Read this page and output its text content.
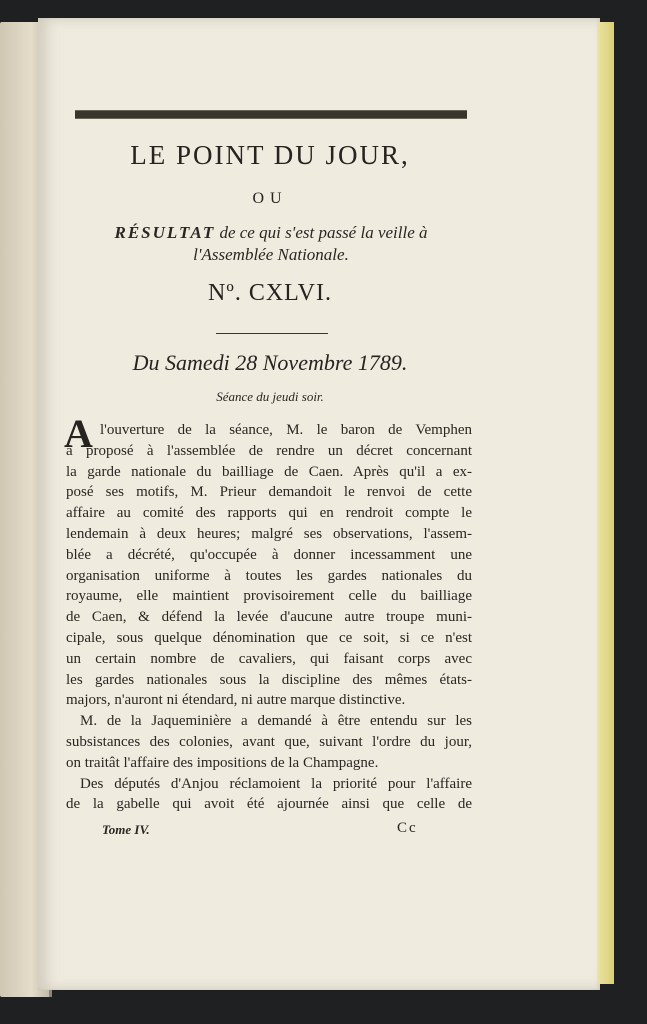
LE POINT DU JOUR,
OU
RÉSULTAT de ce qui s'est passé la veille à
l'Assemblée Nationale.
Nº. CXLVI.
Du Samedi 28 Novembre 1789.
Séance du jeudi soir.
A l'ouverture de la séance, M. le baron de Vemphen
a proposé à l'assemblée de rendre un décret concernant
la garde nationale du bailliage de Caen. Après qu'il a ex-
posé ses motifs, M. Prieur demandoit le renvoi de cette
affaire au comité des rapports qui en rendroit compte le
lendemain à deux heures; malgré ses observations, l'assem-
blée a décrété, qu'occupée à donner incessamment une
organisation uniforme à toutes les gardes nationales du
royaume, elle maintient provisoirement celle du bailliage
de Caen, & défend la levée d'aucune autre troupe muni-
cipale, sous quelque dénomination que ce soit, si ce n'est
un certain nombre de cavaliers, qui faisant corps avec
les gardes nationales sous la discipline des mêmes états-
majors, n'auront ni étendard, ni autre marque distinctive.
M. de la Jaqueminière a demandé à être entendu sur les
subsistances des colonies, avant que, suivant l'ordre du jour,
on traitât l'affaire des impositions de la Champagne.
Des députés d'Anjou réclamoient la priorité pour l'affaire
de la gabelle qui avoit été ajournée ainsi que celle de
Tome IV.	Cc
